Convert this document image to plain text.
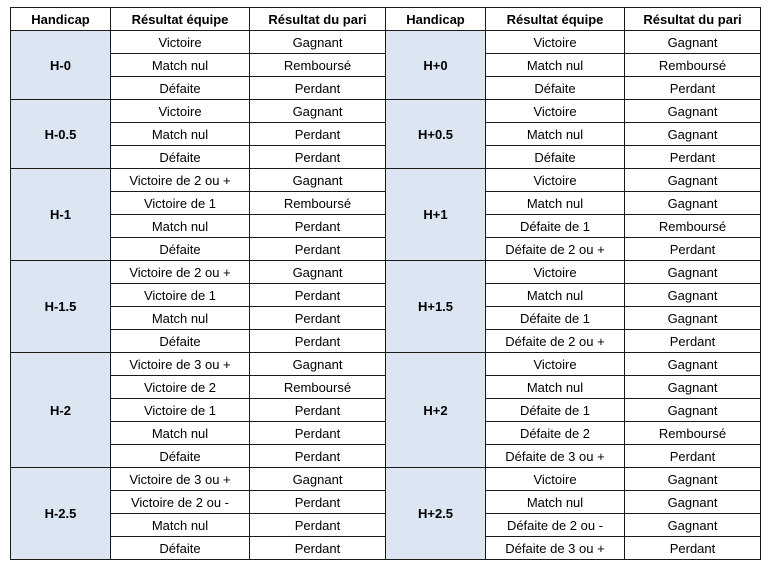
Handicap	Résultat équipe	Résultat du pari	Handicap	Résultat équipe	Résultat du pari
H-0	Victoire	Gagnant	H+0	Victoire	Gagnant
	Match nul	Remboursé		Match nul	Remboursé
	Défaite	Perdant		Défaite	Perdant
H-0.5	Victoire	Gagnant	H+0.5	Victoire	Gagnant
	Match nul	Perdant		Match nul	Gagnant
	Défaite	Perdant		Défaite	Perdant
H-1	Victoire de 2 ou +	Gagnant	H+1	Victoire	Gagnant
	Victoire de 1	Remboursé		Match nul	Gagnant
	Match nul	Perdant		Défaite de 1	Remboursé
	Défaite	Perdant		Défaite de 2 ou +	Perdant
H-1.5	Victoire de 2 ou +	Gagnant	H+1.5	Victoire	Gagnant
	Victoire de 1	Perdant		Match nul	Gagnant
	Match nul	Perdant		Défaite de 1	Gagnant
	Défaite	Perdant		Défaite de 2 ou +	Perdant
H-2	Victoire de 3 ou +	Gagnant	H+2	Victoire	Gagnant
	Victoire de 2	Remboursé		Match nul	Gagnant
	Victoire de 1	Perdant		Défaite de 1	Gagnant
	Match nul	Perdant		Défaite de 2	Remboursé
	Défaite	Perdant		Défaite de 3 ou +	Perdant
H-2.5	Victoire de 3 ou +	Gagnant	H+2.5	Victoire	Gagnant
	Victoire de 2 ou -	Perdant		Match nul	Gagnant
	Match nul	Perdant		Défaite de 2 ou -	Gagnant
	Défaite	Perdant		Défaite de 3 ou +	Perdant
